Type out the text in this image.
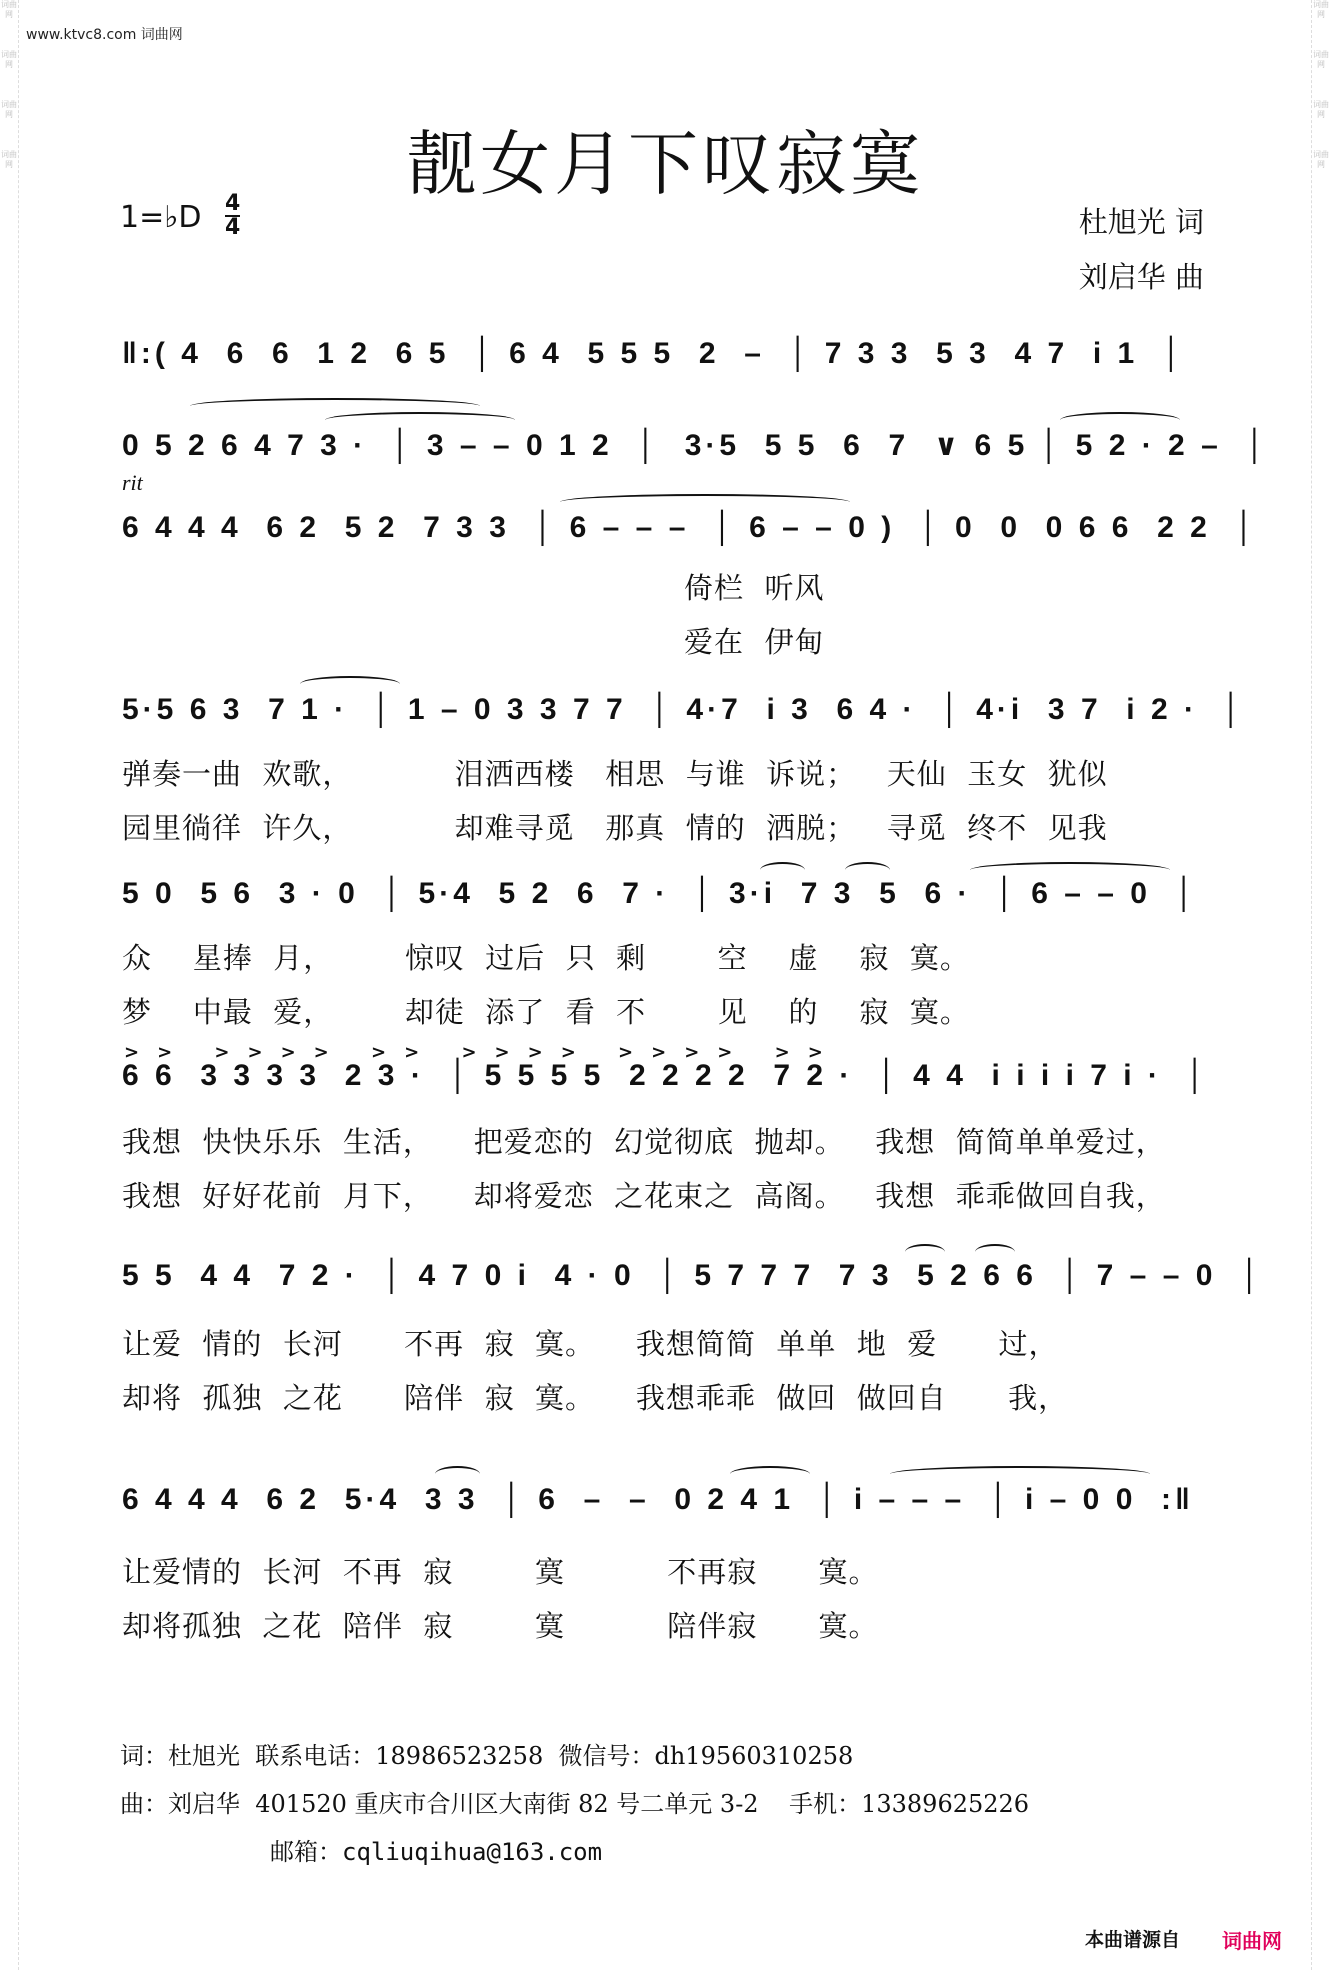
词曲网
词曲网
词曲网
词曲网
词曲网
词曲网
词曲网
词曲网
www.ktvc8.com 词曲网
靓女月下叹寂寞
1=♭D 4
4	杜旭光 词
刘启华 曲
rit
‖:( 4  6  6  1 2  6 5  │ 6 4  5 5 5  2  –  │ 7 3 3  5 3  4 7  i 1  │
0 5 2 6 4 7 3 ·  │ 3 – – 0 1 2  │  3·5  5 5  6  7  ∨ 6 5 │ 5 2 · 2 –  │
6 4 4 4  6 2  5 2  7 3 3  │ 6 – – –  │ 6 – – 0 )  │ 0  0  0 6 6  2 2  │
倚栏  听风
爱在  伊甸
5·5 6 3  7 1 ·  │ 1 – 0 3 3 7 7  │ 4·7  i 3  6 4 ·  │ 4·i  3 7  i 2 ·  │
弹奏一曲  欢歌，          泪洒西楼   相思  与谁  诉说；   天仙  玉女  犹似
园里徜徉  许久，          却难寻觅   那真  情的  洒脱；   寻觅  终不  见我
5 0  5 6  3 · 0  │ 5·4  5 2  6  7 ·  │ 3·i  7 3  5  6 ·  │ 6 – – 0  │
众    星捧  月，       惊叹  过后  只  剩       空    虚    寂  寞。
梦    中最  爱，       却徒  添了  看  不       见    的    寂  寞。
6 6  3 3 3 3  2 3 ·  │ 5 5 5 5  2 2 2 2  7 2 ·  │ 4 4  i i i i 7 i ·  │
>> >>>> >> >>>> >>>> >>
我想  快快乐乐  生活，    把爱恋的  幻觉彻底  抛却。   我想  简简单单爱过，
我想  好好花前  月下，    却将爱恋  之花束之  高阁。   我想  乖乖做回自我，
5 5  4 4  7 2 ·  │ 4 7 0 i  4 · 0  │ 5 7 7 7  7 3  5 2 6 6  │ 7 – – 0  │
让爱  情的  长河      不再  寂  寞。    我想简简  单单  地  爱      过，
却将  孤独  之花      陪伴  寂  寞。    我想乖乖  做回  做回自      我，
6 4 4 4  6 2  5·4  3 3  │ 6  –  –  0 2 4 1  │ i – – –  │ i – 0 0  :‖
让爱情的  长河  不再  寂        寞          不再寂      寞。
却将孤独  之花  陪伴  寂        寞          陪伴寂      寞。
词：杜旭光  联系电话：18986523258  微信号：dh19560310258
曲：刘启华  401520 重庆市合川区大南街 82 号二单元 3-2    手机：13389625226
邮箱：cqliuqihua@163.com
本曲谱源自 词曲网
